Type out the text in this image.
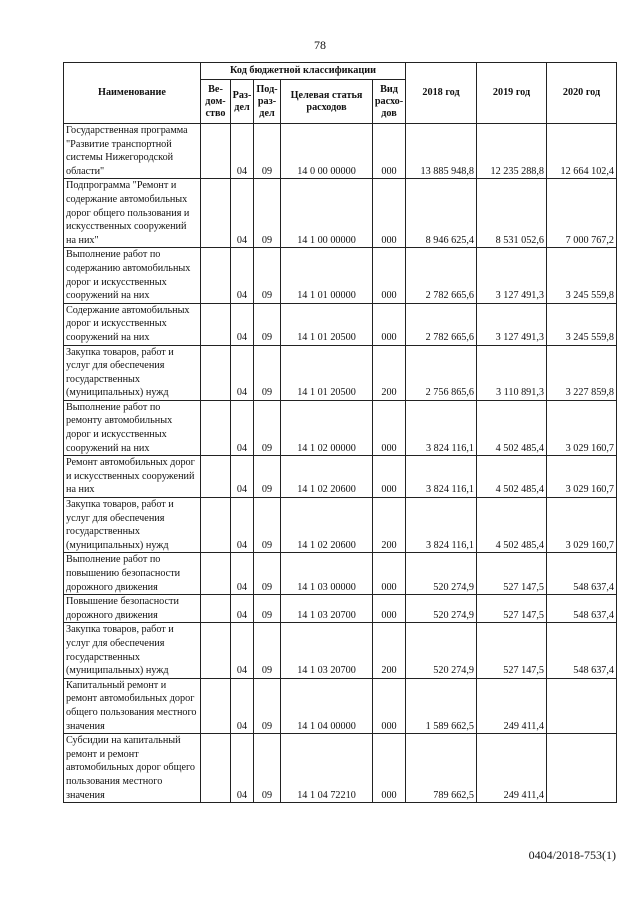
78
Наименование	Код бюджетной классификации					2018 год	2019 год	2020 год
	Ве-дом-ство	Раз-дел	Под-раз-дел	Целевая статья расходов	Вид расхо-дов			
Государственная программа "Развитие транспортной системы Нижегородской области"		04	09	14 0 00 00000	000	13 885 948,8	12 235 288,8	12 664 102,4
Подпрограмма "Ремонт и содержание автомобильных дорог общего пользования и искусственных сооружений на них"		04	09	14 1 00 00000	000	8 946 625,4	8 531 052,6	7 000 767,2
Выполнение работ по содержанию автомобильных дорог и искусственных сооружений на них		04	09	14 1 01 00000	000	2 782 665,6	3 127 491,3	3 245 559,8
Содержание автомобильных дорог и искусственных сооружений на них		04	09	14 1 01 20500	000	2 782 665,6	3 127 491,3	3 245 559,8
Закупка товаров, работ и услуг для обеспечения государственных (муниципальных) нужд		04	09	14 1 01 20500	200	2 756 865,6	3 110 891,3	3 227 859,8
Выполнение работ по ремонту автомобильных дорог и искусственных сооружений на них		04	09	14 1 02 00000	000	3 824 116,1	4 502 485,4	3 029 160,7
Ремонт автомобильных дорог и искусственных сооружений на них		04	09	14 1 02 20600	000	3 824 116,1	4 502 485,4	3 029 160,7
Закупка товаров, работ и услуг для обеспечения государственных (муниципальных) нужд		04	09	14 1 02 20600	200	3 824 116,1	4 502 485,4	3 029 160,7
Выполнение работ по повышению безопасности дорожного движения		04	09	14 1 03 00000	000	520 274,9	527 147,5	548 637,4
Повышение безопасности дорожного движения		04	09	14 1 03 20700	000	520 274,9	527 147,5	548 637,4
Закупка товаров, работ и услуг для обеспечения государственных (муниципальных) нужд		04	09	14 1 03 20700	200	520 274,9	527 147,5	548 637,4
Капитальный ремонт и ремонт автомобильных дорог общего пользования местного значения		04	09	14 1 04 00000	000	1 589 662,5	249 411,4	
Субсидии на капитальный ремонт и ремонт автомобильных дорог общего пользования местного значения		04	09	14 1 04 72210	000	789 662,5	249 411,4	
0404/2018-753(1)
